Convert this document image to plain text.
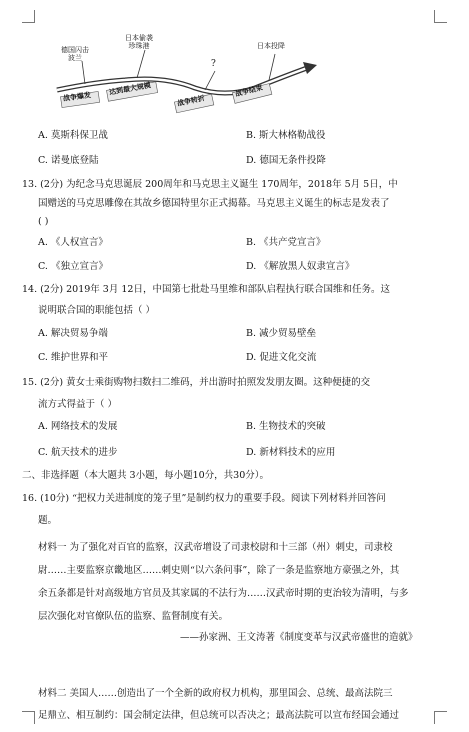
德国闪击
波兰
日本偷袭
珍珠港
?
日本投降
战争爆发 达到最大规模
战争转折
战争结束
A. 莫斯科保卫战	B. 斯大林格勒战役
C. 诺曼底登陆	D. 德国无条件投降
13. (2分) 为纪念马克思诞辰 200周年和马克思主义诞生 170周年，2018年 5月 5日，中
国赠送的马克思雕像在其故乡德国特里尔正式揭幕。马克思主义诞生的标志是发表了
( )
A. 《人权宣言》	B. 《共产党宣言》
C. 《独立宣言》	D. 《解放黑人奴隶宣言》
14. (2分) 2019年 3月 12日，中国第七批赴马里维和部队启程执行联合国维和任务。这
说明联合国的职能包括（ ）
A. 解决贸易争端	B. 减少贸易壁垒
C. 维护世界和平	D. 促进文化交流
15. (2分) 黄女士乘街购物扫数扫二维码，并出游时拍照发发朋友圈。这种便捷的交
流方式得益于（ ）
A. 网络技术的发展	B. 生物技术的突破
C. 航天技术的进步	D. 新材料技术的应用
二、非选择题（本大题共 3小题，每小题10分，共30分）。
16. (10分) “把权力关进制度的笼子里”是制约权力的重要手段。阅读下列材料并回答问
题。
材料一 为了强化对百官的监察，汉武帝增设了司隶校尉和十三部（州）刺史，司隶校
尉……主要监察京畿地区……刺史则“以六条问事”，除了一条是监察地方豪强之外，其
余五条都是针对高级地方官员及其家属的不法行为……汉武帝时期的吏治较为清明，与多
层次强化对官僚队伍的监察、监督制度有关。
——孙家洲、王文涛著《制度变革与汉武帝盛世的造就》
材料二 美国人……创造出了一个全新的政府权力机构，那里国会、总统、最高法院三
足鼎立、相互制约：国会制定法律，但总统可以否决之；最高法院可以宣布经国会通过
